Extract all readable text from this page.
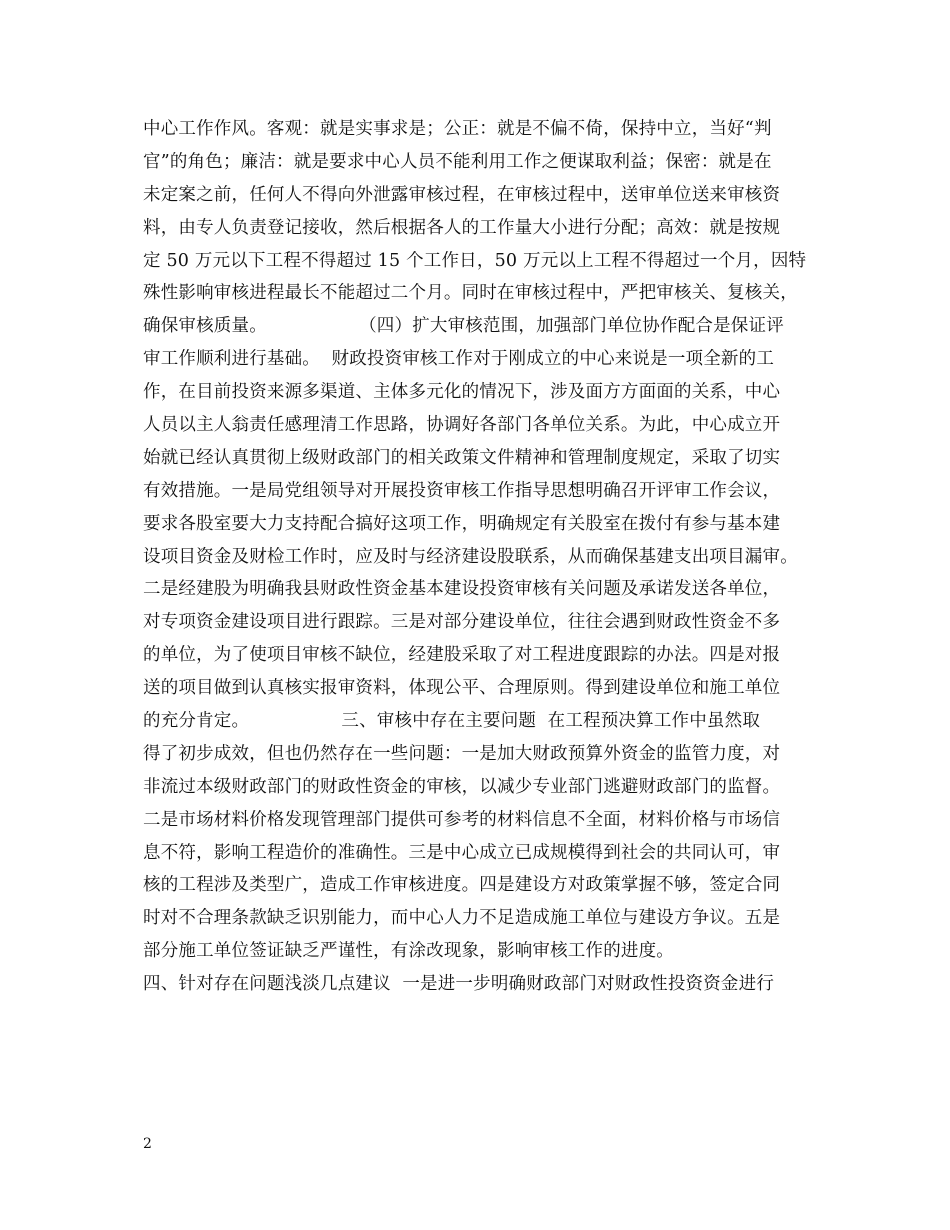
中心工作作风。客观：就是实事求是；公正：就是不偏不倚，保持中立，当好“判
官”的角色；廉洁：就是要求中心人员不能利用工作之便谋取利益；保密：就是在
未定案之前，任何人不得向外泄露审核过程，在审核过程中，送审单位送来审核资
料，由专人负责登记接收，然后根据各人的工作量大小进行分配；高效：就是按规
定 50 万元以下工程不得超过 15 个工作日，50 万元以上工程不得超过一个月，因特
殊性影响审核进程最长不能超过二个月。同时在审核过程中，严把审核关、复核关，
确保审核质量。                （四）扩大审核范围，加强部门单位协作配合是保证评
审工作顺利进行基础。  财政投资审核工作对于刚成立的中心来说是一项全新的工
作，在目前投资来源多渠道、主体多元化的情况下，涉及面方方面面的关系，中心
人员以主人翁责任感理清工作思路，协调好各部门各单位关系。为此，中心成立开
始就已经认真贯彻上级财政部门的相关政策文件精神和管理制度规定，采取了切实
有效措施。一是局党组领导对开展投资审核工作指导思想明确召开评审工作会议，
要求各股室要大力支持配合搞好这项工作，明确规定有关股室在拨付有参与基本建
设项目资金及财检工作时，应及时与经济建设股联系，从而确保基建支出项目漏审。
二是经建股为明确我县财政性资金基本建设投资审核有关问题及承诺发送各单位，
对专项资金建设项目进行跟踪。三是对部分建设单位，往往会遇到财政性资金不多
的单位，为了使项目审核不缺位，经建股采取了对工程进度跟踪的办法。四是对报
送的项目做到认真核实报审资料，体现公平、合理原则。得到建设单位和施工单位
的充分肯定。                三、审核中存在主要问题  在工程预决算工作中虽然取
得了初步成效，但也仍然存在一些问题：一是加大财政预算外资金的监管力度，对
非流过本级财政部门的财政性资金的审核，以减少专业部门逃避财政部门的监督。
二是市场材料价格发现管理部门提供可参考的材料信息不全面，材料价格与市场信
息不符，影响工程造价的准确性。三是中心成立已成规模得到社会的共同认可，审
核的工程涉及类型广，造成工作审核进度。四是建设方对政策掌握不够，签定合同
时对不合理条款缺乏识别能力，而中心人力不足造成施工单位与建设方争议。五是
部分施工单位签证缺乏严谨性，有涂改现象，影响审核工作的进度。
四、针对存在问题浅淡几点建议  一是进一步明确财政部门对财政性投资资金进行
2
